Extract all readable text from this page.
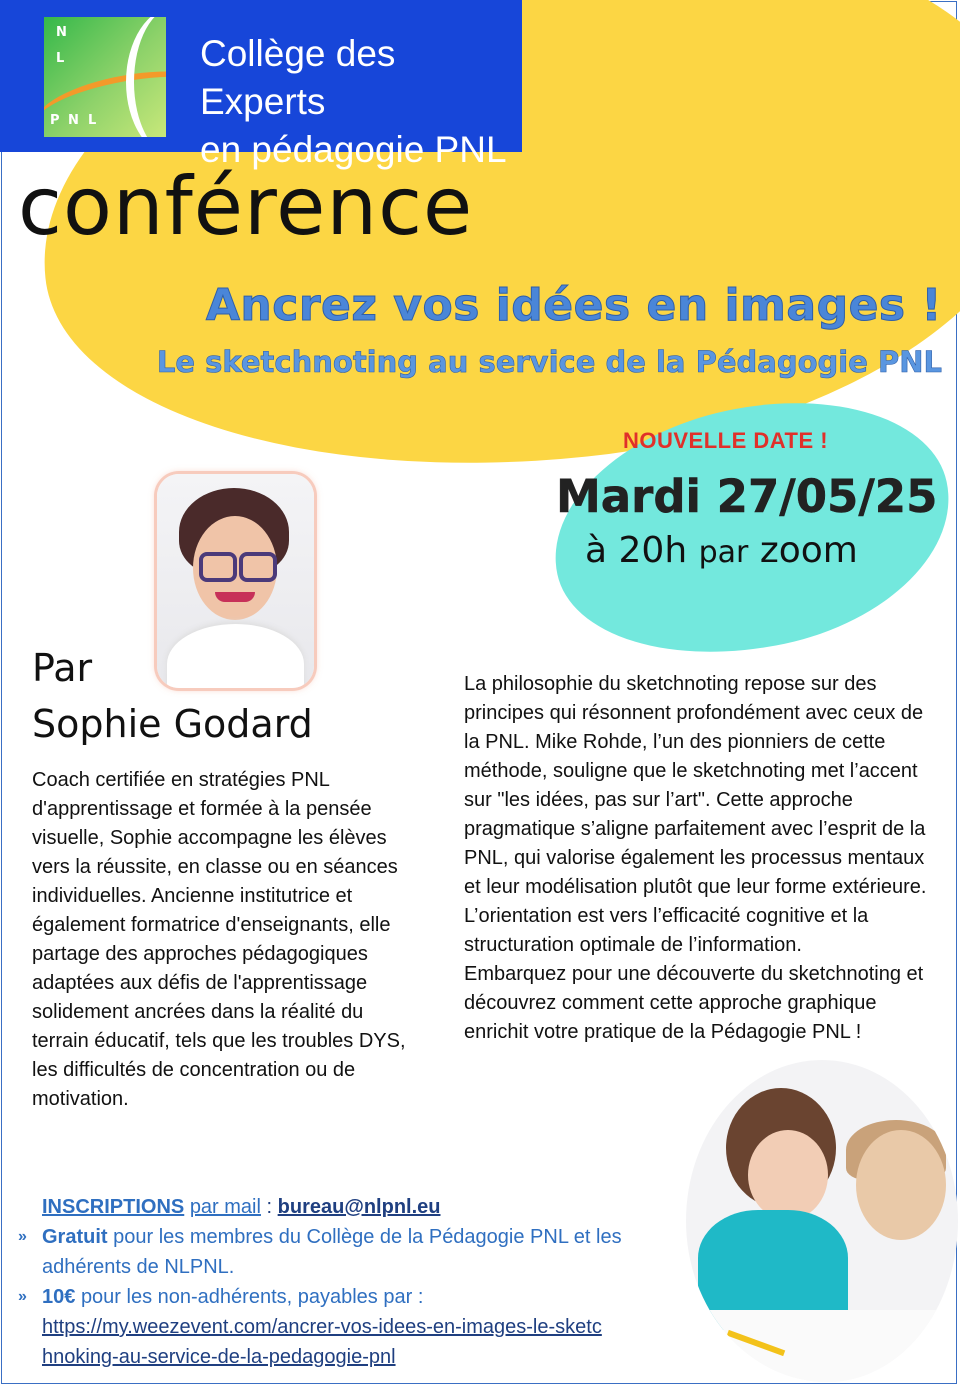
N
L
P N L
Collège des Experts
en pédagogie PNL
conférence
Ancrez vos idées en images !
Le sketchnoting au service de la Pédagogie PNL
NOUVELLE DATE !
Mardi 27/05/25
à 20h par zoom
Par
Sophie Godard
Coach certifiée en stratégies PNL d'apprentissage et formée à la pensée visuelle, Sophie accompagne les élèves vers la réussite, en classe ou en séances individuelles. Ancienne institutrice et également formatrice d'enseignants, elle partage des approches pédagogiques adaptées aux défis de l'apprentissage solidement ancrées dans la réalité du terrain éducatif, tels que les troubles DYS, les difficultés de concentration ou de motivation.
La philosophie du sketchnoting repose sur des principes qui résonnent profondément avec ceux de la PNL. Mike Rohde, l’un des pionniers de cette méthode, souligne que le sketchnoting met l’accent sur "les idées, pas sur l’art". Cette approche pragmatique s’aligne parfaitement avec l’esprit de la PNL, qui valorise également les processus mentaux et leur modélisation plutôt que leur forme extérieure. L’orientation est vers l’efficacité cognitive et la structuration optimale de l’information.
Embarquez pour une découverte du sketchnoting et découvrez comment cette approche graphique enrichit votre pratique de la Pédagogie PNL !
INSCRIPTIONS par mail : bureau@nlpnl.eu
» Gratuit pour les membres du Collège de la Pédagogie PNL et les adhérents de NLPNL.
» 10€ pour les non-adhérents, payables par :
https://my.weezevent.com/ancrer-vos-idees-en-images-le-sketchnoking-au-service-de-la-pedagogie-pnl
